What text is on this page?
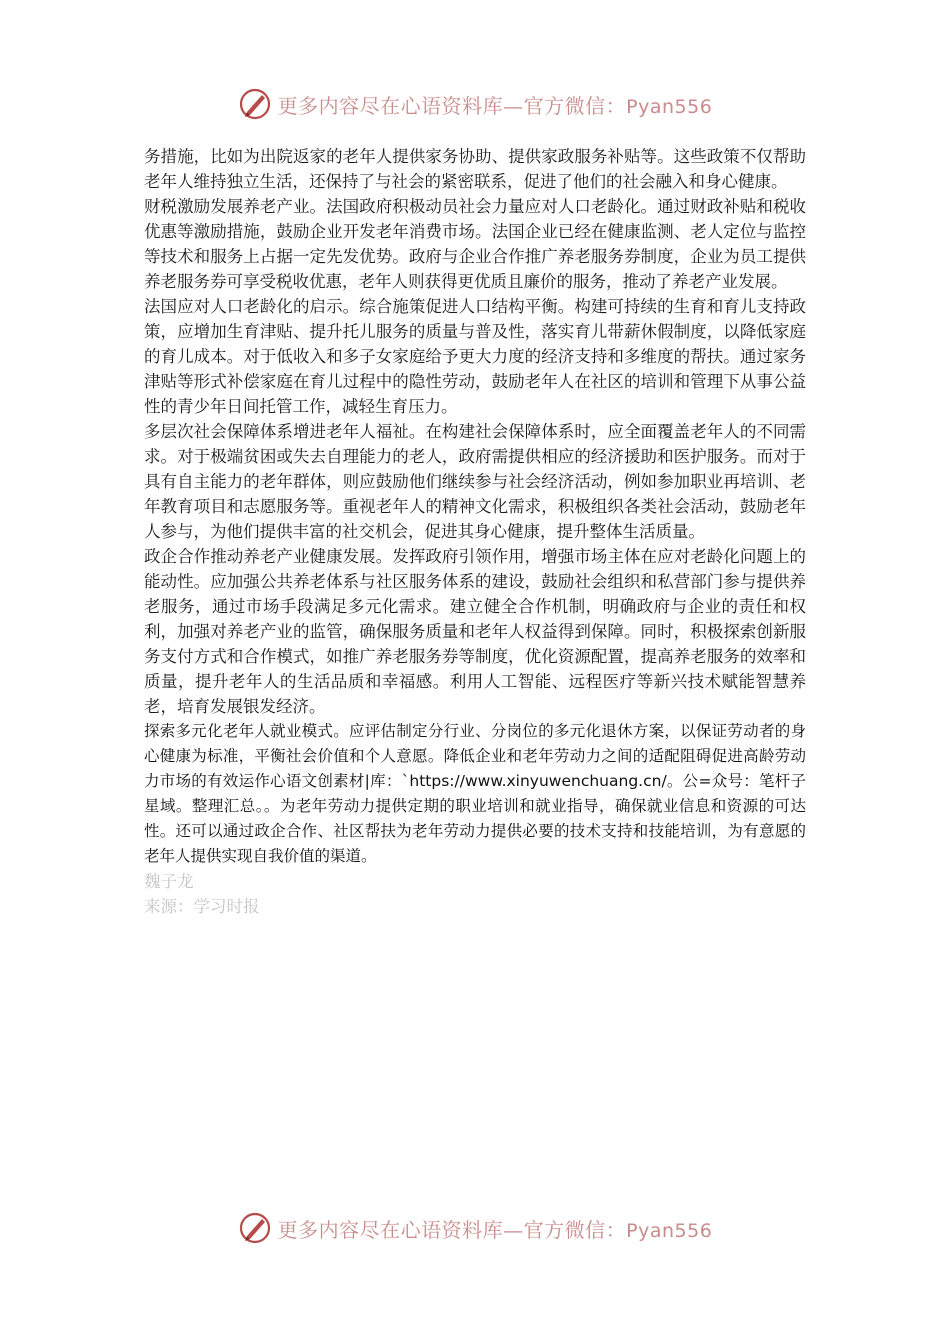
更多内容尽在心语资料库—官方微信：Pyan556

务措施，比如为出院返家的老年人提供家务协助、提供家政服务补贴等。这些政策不仅帮助老年人维持独立生活，还保持了与社会的紧密联系，促进了他们的社会融入和身心健康。

财税激励发展养老产业。法国政府积极动员社会力量应对人口老龄化。通过财政补贴和税收优惠等激励措施，鼓励企业开发老年消费市场。法国企业已经在健康监测、老人定位与监控等技术和服务上占据一定先发优势。政府与企业合作推广养老服务券制度，企业为员工提供养老服务券可享受税收优惠，老年人则获得更优质且廉价的服务，推动了养老产业发展。

法国应对人口老龄化的启示。综合施策促进人口结构平衡。构建可持续的生育和育儿支持政策，应增加生育津贴、提升托儿服务的质量与普及性，落实育儿带薪休假制度，以降低家庭的育儿成本。对于低收入和多子女家庭给予更大力度的经济支持和多维度的帮扶。通过家务津贴等形式补偿家庭在育儿过程中的隐性劳动，鼓励老年人在社区的培训和管理下从事公益性的青少年日间托管工作，减轻生育压力。

多层次社会保障体系增进老年人福祉。在构建社会保障体系时，应全面覆盖老年人的不同需求。对于极端贫困或失去自理能力的老人，政府需提供相应的经济援助和医护服务。而对于具有自主能力的老年群体，则应鼓励他们继续参与社会经济活动，例如参加职业再培训、老年教育项目和志愿服务等。重视老年人的精神文化需求，积极组织各类社会活动，鼓励老年人参与，为他们提供丰富的社交机会，促进其身心健康，提升整体生活质量。

政企合作推动养老产业健康发展。发挥政府引领作用，增强市场主体在应对老龄化问题上的能动性。应加强公共养老体系与社区服务体系的建设，鼓励社会组织和私营部门参与提供养老服务，通过市场手段满足多元化需求。建立健全合作机制，明确政府与企业的责任和权利，加强对养老产业的监管，确保服务质量和老年人权益得到保障。同时，积极探索创新服务支付方式和合作模式，如推广养老服务券等制度，优化资源配置，提高养老服务的效率和质量，提升老年人的生活品质和幸福感。利用人工智能、远程医疗等新兴技术赋能智慧养老，培育发展银发经济。

探索多元化老年人就业模式。应评估制定分行业、分岗位的多元化退休方案，以保证劳动者的身心健康为标准，平衡社会价值和个人意愿。降低企业和老年劳动力之间的适配阻碍促进高龄劳动力市场的有效运作心语文创素材|库：`https://www.xinyuwenchuang.cn/。公=众号：笔杆子星域。整理汇总。。为老年劳动力提供定期的职业培训和就业指导，确保就业信息和资源的可达性。还可以通过政企合作、社区帮扶为老年劳动力提供必要的技术支持和技能培训，为有意愿的老年人提供实现自我价值的渠道。

魏子龙

来源：学习时报

更多内容尽在心语资料库—官方微信：Pyan556
